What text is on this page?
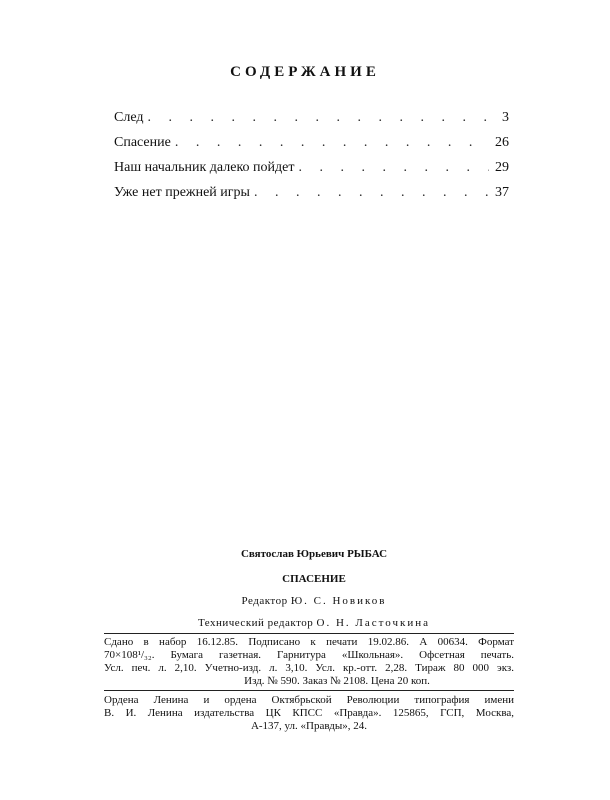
СОДЕРЖАНИЕ
След . . .	3
Спасение . . .	26
Наш начальник далеко пойдет . . .	29
Уже нет прежней игры . . .	37
Святослав Юрьевич РЫБАС
СПАСЕНИЕ
Редактор Ю. С. Новиков
Технический редактор О. Н. Ласточкина
Сдано в набор 16.12.85. Подписано к печати 19.02.86. А 00634. Формат
70×108¹/₃₂. Бумага газетная. Гарнитура «Школьная». Офсетная печать.
Усл. печ. л. 2,10. Учетно-изд. л. 3,10. Усл. кр.-отт. 2,28. Тираж 80 000 экз.
Изд. № 590. Заказ № 2108. Цена 20 коп.
Ордена Ленина и ордена Октябрьской Революции типография имени
В. И. Ленина издательства ЦК КПСС «Правда». 125865, ГСП, Москва,
А-137, ул. «Правды», 24.
